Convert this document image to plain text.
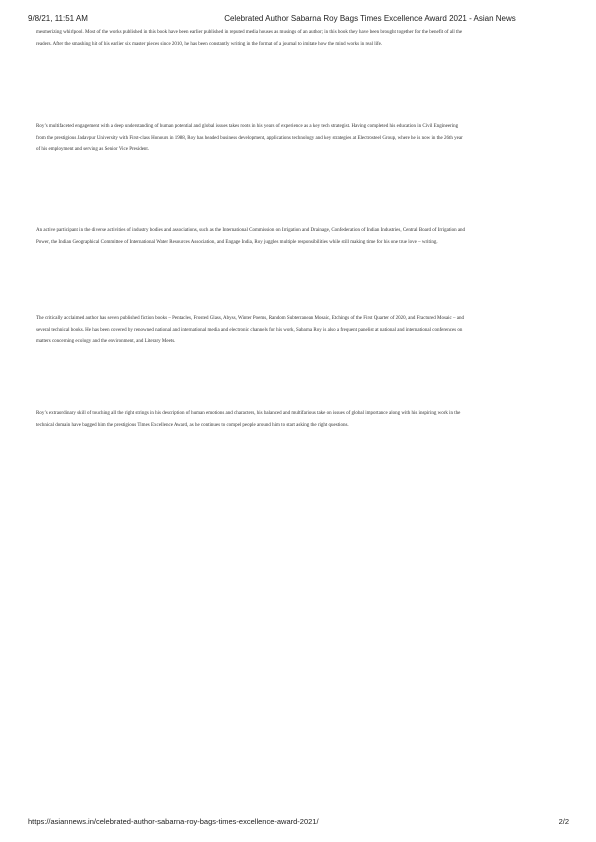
9/8/21, 11:51 AM	Celebrated Author Sabarna Roy Bags Times Excellence Award 2021 - Asian News

mesmerizing whirlpool. Most of the works published in this book have been earlier published in reputed media houses as musings of an author; in this book they have been brought together for the benefit of all the readers. After the smashing hit of his earlier six master pieces since 2010, he has been constantly writing in the format of a journal to imitate how the mind works in real life.

Roy’s multifaceted engagement with a deep understanding of human potential and global issues takes roots in his years of experience as a key tech strategist. Having completed his education in Civil Engineering from the prestigious Jadavpur University with First-class Honours in 1988, Roy has headed business development, applications technology and key strategies at Electrosteel Group, where he is now in the 26th year of his employment and serving as Senior Vice President.

An active participant in the diverse activities of industry bodies and associations, such as the International Commission on Irrigation and Drainage, Confederation of Indian Industries, Central Board of Irrigation and Power, the Indian Geographical Committee of International Water Resources Association, and Engage India, Roy juggles multiple responsibilities while still making time for his one true love – writing.

The critically acclaimed author has seven published fiction books – Pentacles, Frosted Glass, Abyss, Winter Poems, Random Subterranean Mosaic, Etchings of the First Quarter of 2020, and Fractured Mosaic – and several technical books. He has been covered by renowned national and international media and electronic channels for his work, Sabarna Roy is also a frequent panelist at national and international conferences on matters concerning ecology and the environment, and Literary Meets.

Roy’s extraordinary skill of touching all the right strings in his description of human emotions and characters, his balanced and multifarious take on issues of global importance along with his inspiring work in the technical domain have bagged him the prestigious Times Excellence Award, as he continues to compel people around him to start asking the right questions.

https://asiannews.in/celebrated-author-sabarna-roy-bags-times-excellence-award-2021/	2/2
